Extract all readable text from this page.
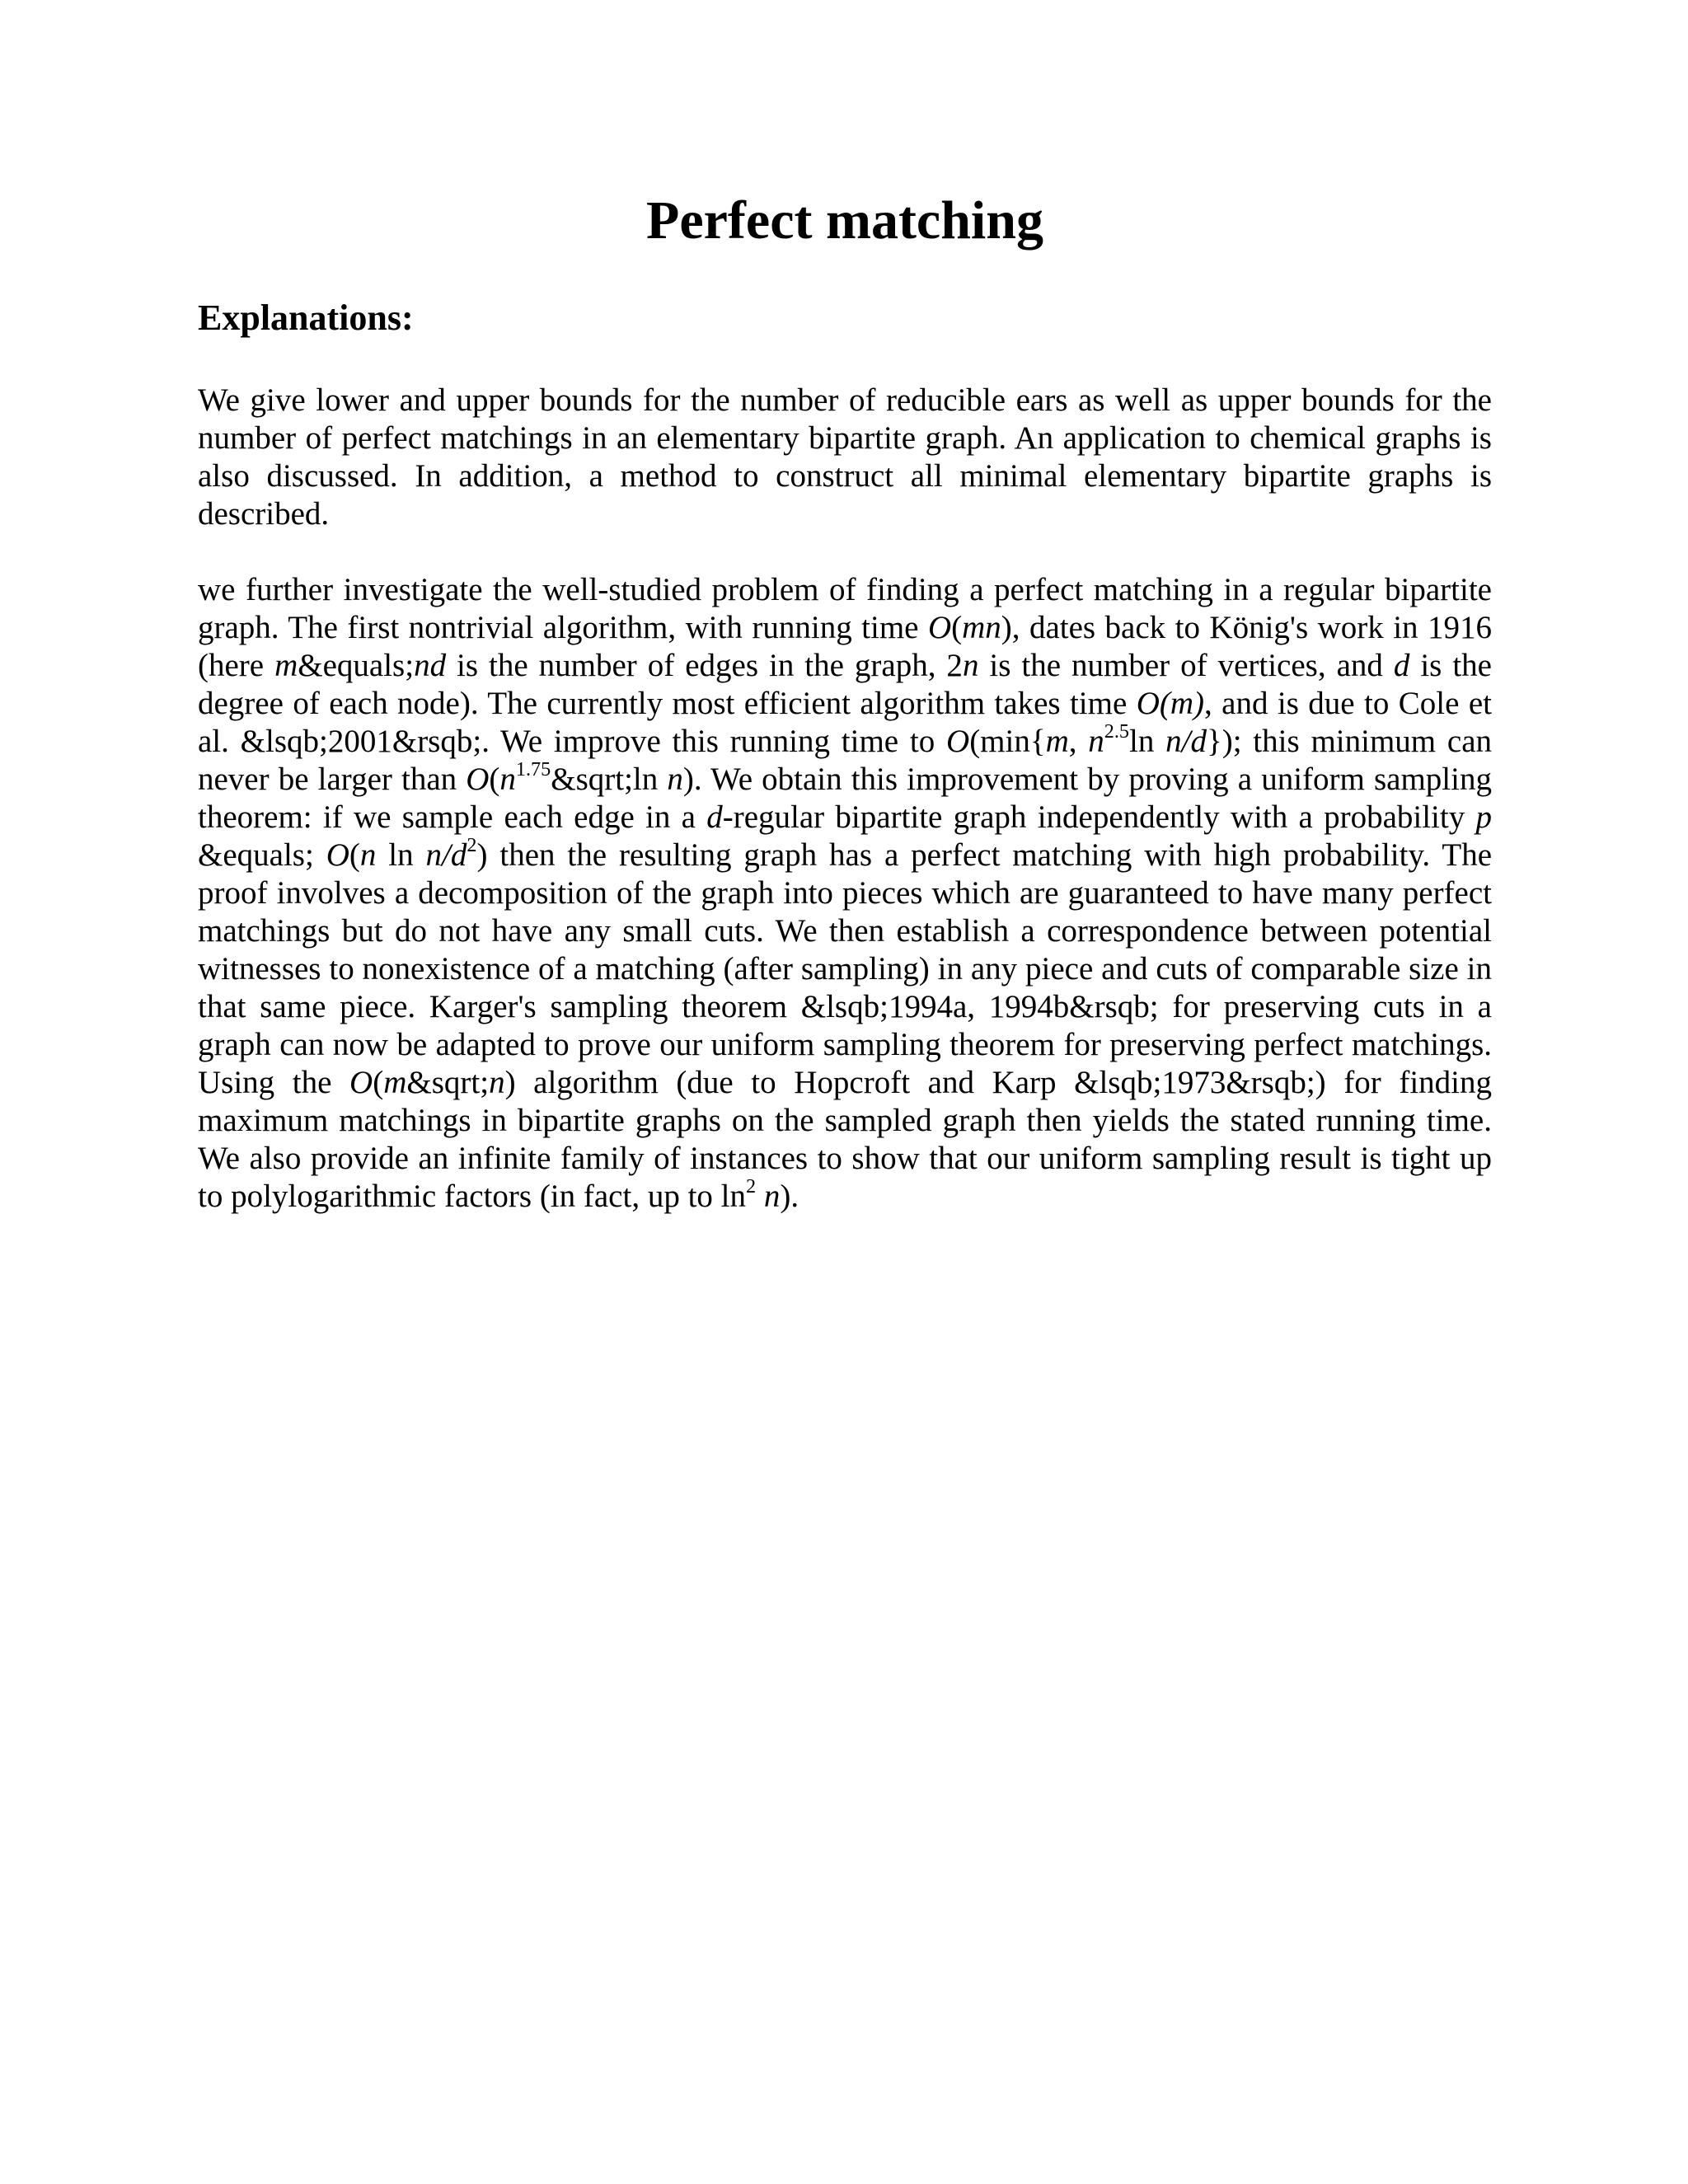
Perfect matching
Explanations:

We give lower and upper bounds for the number of reducible ears as well as upper bounds for the number of perfect matchings in an elementary bipartite graph. An application to chemical graphs is also discussed. In addition, a method to construct all minimal elementary bipartite graphs is described.

we further investigate the well-studied problem of finding a perfect matching in a regular bipartite graph. The first nontrivial algorithm, with running time O(mn), dates back to König's work in 1916 (here m&equals;nd is the number of edges in the graph, 2n is the number of vertices, and d is the degree of each node). The currently most efficient algorithm takes time O(m), and is due to Cole et al. &lsqb;2001&rsqb;. We improve this running time to O(min{m, $n^{2.5}\ln$ n/d}); this minimum can never be larger than $O(n^{1.75}\&sqrt;\ln$ n). We obtain this improvement by proving a uniform sampling theorem: if we sample each edge in a d-regular bipartite graph independently with a probability p &equals; O(n $\ln n/d^2$) then the resulting graph has a perfect matching with high probability. The proof involves a decomposition of the graph into pieces which are guaranteed to have many perfect matchings but do not have any small cuts. We then establish a correspondence between potential witnesses to nonexistence of a matching (after sampling) in any piece and cuts of comparable size in that same piece. Karger's sampling theorem &lsqb;1994a, 1994b&rsqb; for preserving cuts in a graph can now be adapted to prove our uniform sampling theorem for preserving perfect matchings. Using the O(m&sqrt;n) algorithm (due to Hopcroft and Karp &lsqb;1973&rsqb;) for finding maximum matchings in bipartite graphs on the sampled graph then yields the stated running time. We also provide an infinite family of instances to show that our uniform sampling result is tight up to polylogarithmic factors (in fact, up to $\ln^2 n$).
